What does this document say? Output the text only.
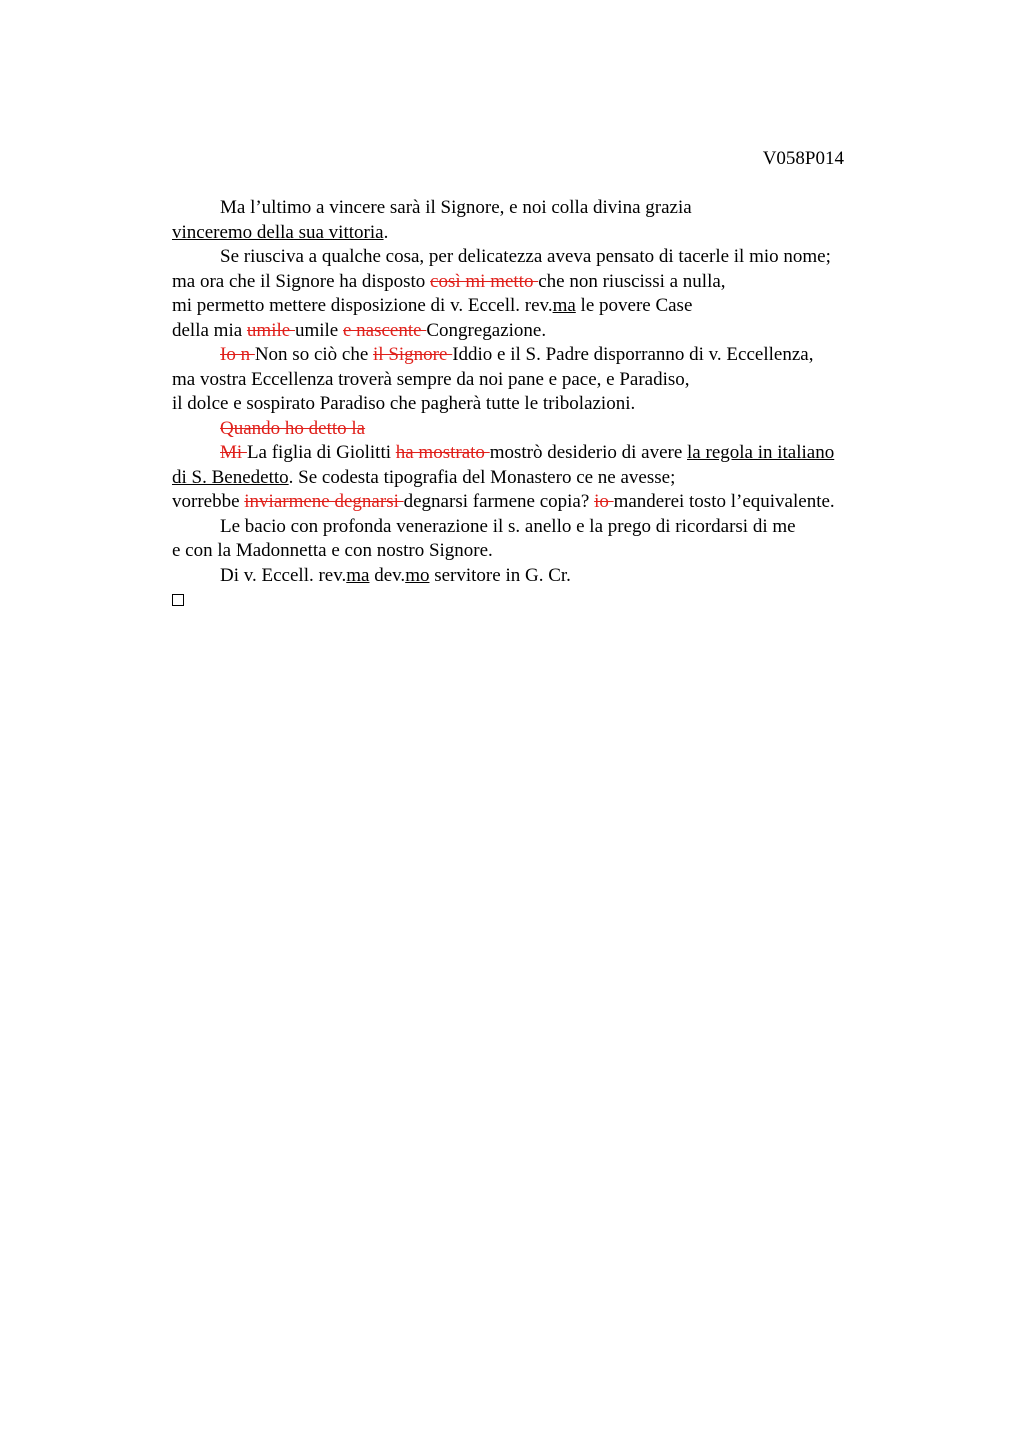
V058P014
Ma l’ultimo a vincere sarà il Signore, e noi colla divina grazia
vinceremo della sua vittoria.
Se riusciva a qualche cosa, per delicatezza aveva pensato di tacerle il mio nome;
ma ora che il Signore ha disposto così mi metto che non riuscissi a nulla,
mi permetto mettere disposizione di v. Eccell. rev.ma le povere Case
della mia umile umile e nascente Congregazione.
Io n Non so ciò che il Signore Iddio e il S. Padre disporranno di v. Eccellenza,
ma vostra Eccellenza troverà sempre da noi pane e pace, e Paradiso,
il dolce e sospirato Paradiso che pagherà tutte le tribolazioni.
Quando ho detto la
Mi La figlia di Giolitti ha mostrato mostrò desiderio di avere la regola in italiano
di S. Benedetto. Se codesta tipografia del Monastero ce ne avesse;
vorrebbe inviarmene degnarsi degnarsi farmene copia? io manderei tosto l’equivalente.
Le bacio con profonda venerazione il s. anello e la prego di ricordarsi di me
e con la Madonnetta e con nostro Signore.
Di v. Eccell. rev.ma dev.mo servitore in G. Cr.
